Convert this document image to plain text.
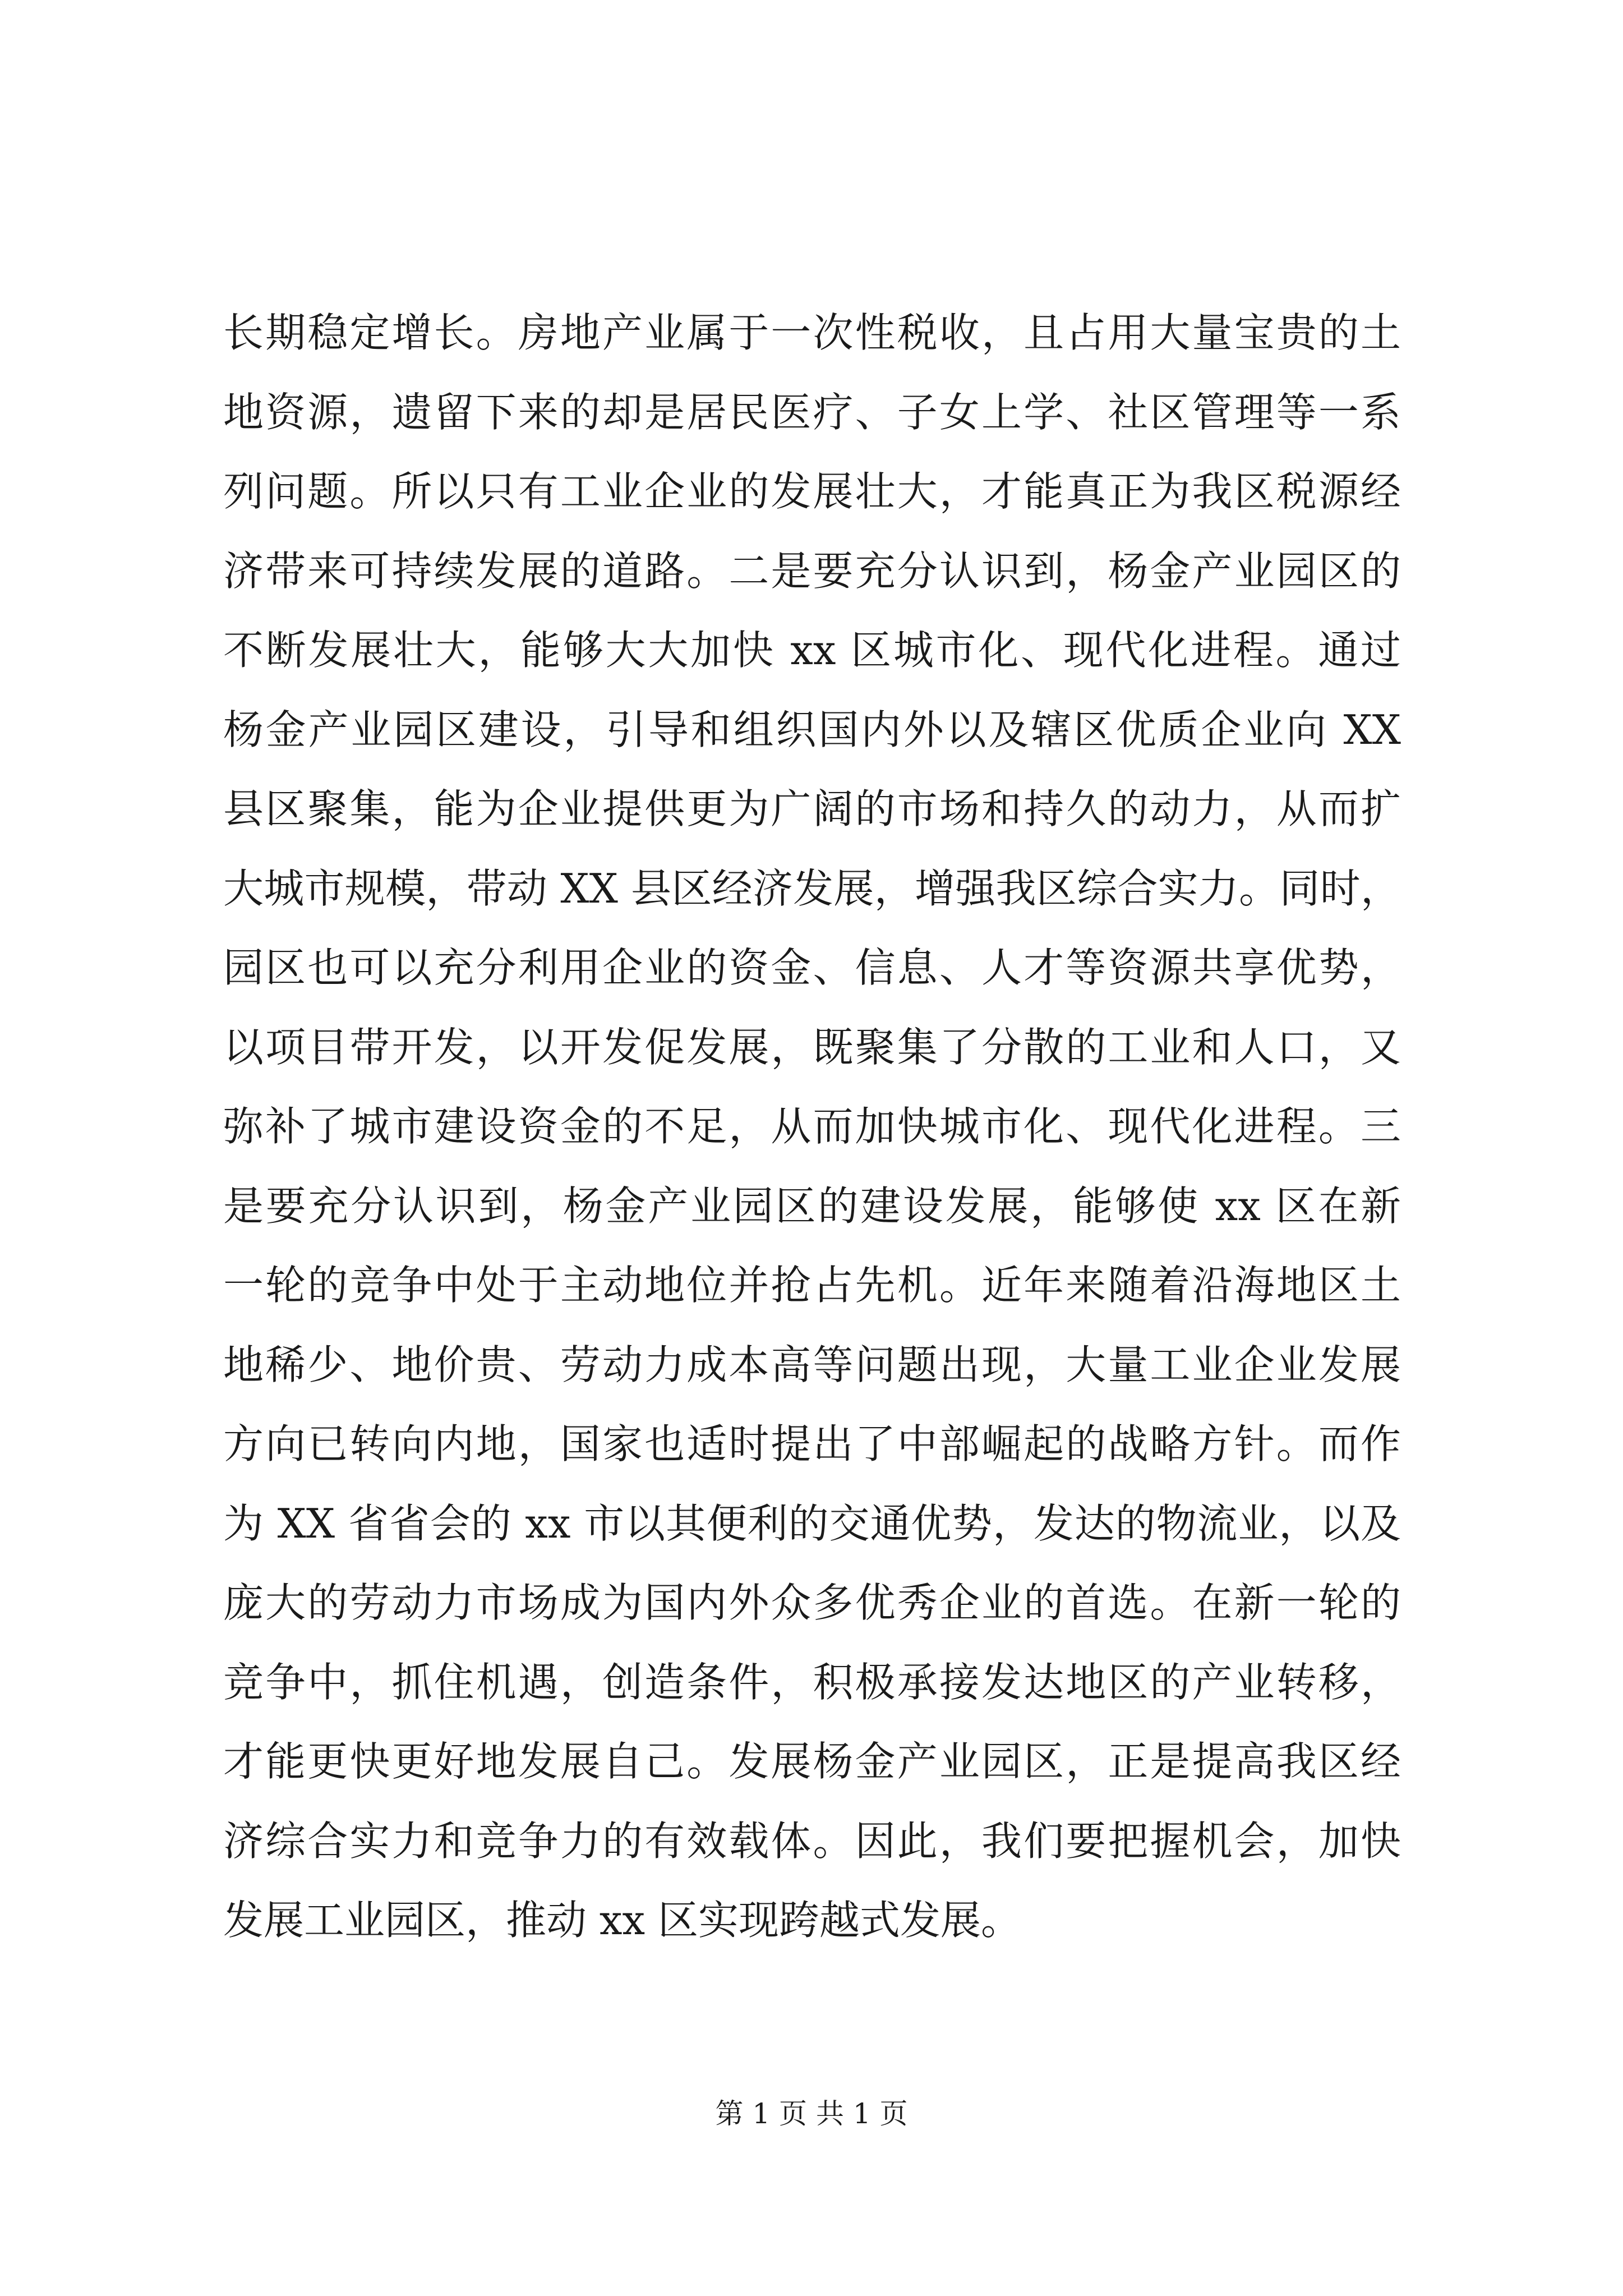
长期稳定增长。房地产业属于一次性税收，且占用大量宝贵的土
地资源，遗留下来的却是居民医疗、子女上学、社区管理等一系
列问题。所以只有工业企业的发展壮大，才能真正为我区税源经
济带来可持续发展的道路。二是要充分认识到，杨金产业园区的
不断发展壮大，能够大大加快 xx 区城市化、现代化进程。通过
杨金产业园区建设，引导和组织国内外以及辖区优质企业向 XX
县区聚集，能为企业提供更为广阔的市场和持久的动力，从而扩
大城市规模，带动 XX 县区经济发展，增强我区综合实力。同时，
园区也可以充分利用企业的资金、信息、人才等资源共享优势，
以项目带开发，以开发促发展，既聚集了分散的工业和人口，又
弥补了城市建设资金的不足，从而加快城市化、现代化进程。三
是要充分认识到，杨金产业园区的建设发展，能够使 xx 区在新
一轮的竞争中处于主动地位并抢占先机。近年来随着沿海地区土
地稀少、地价贵、劳动力成本高等问题出现，大量工业企业发展
方向已转向内地，国家也适时提出了中部崛起的战略方针。而作
为 XX 省省会的 xx 市以其便利的交通优势，发达的物流业，以及
庞大的劳动力市场成为国内外众多优秀企业的首选。在新一轮的
竞争中，抓住机遇，创造条件，积极承接发达地区的产业转移，
才能更快更好地发展自己。发展杨金产业园区，正是提高我区经
济综合实力和竞争力的有效载体。因此，我们要把握机会，加快
发展工业园区，推动 xx 区实现跨越式发展。
第 1 页 共 1 页
